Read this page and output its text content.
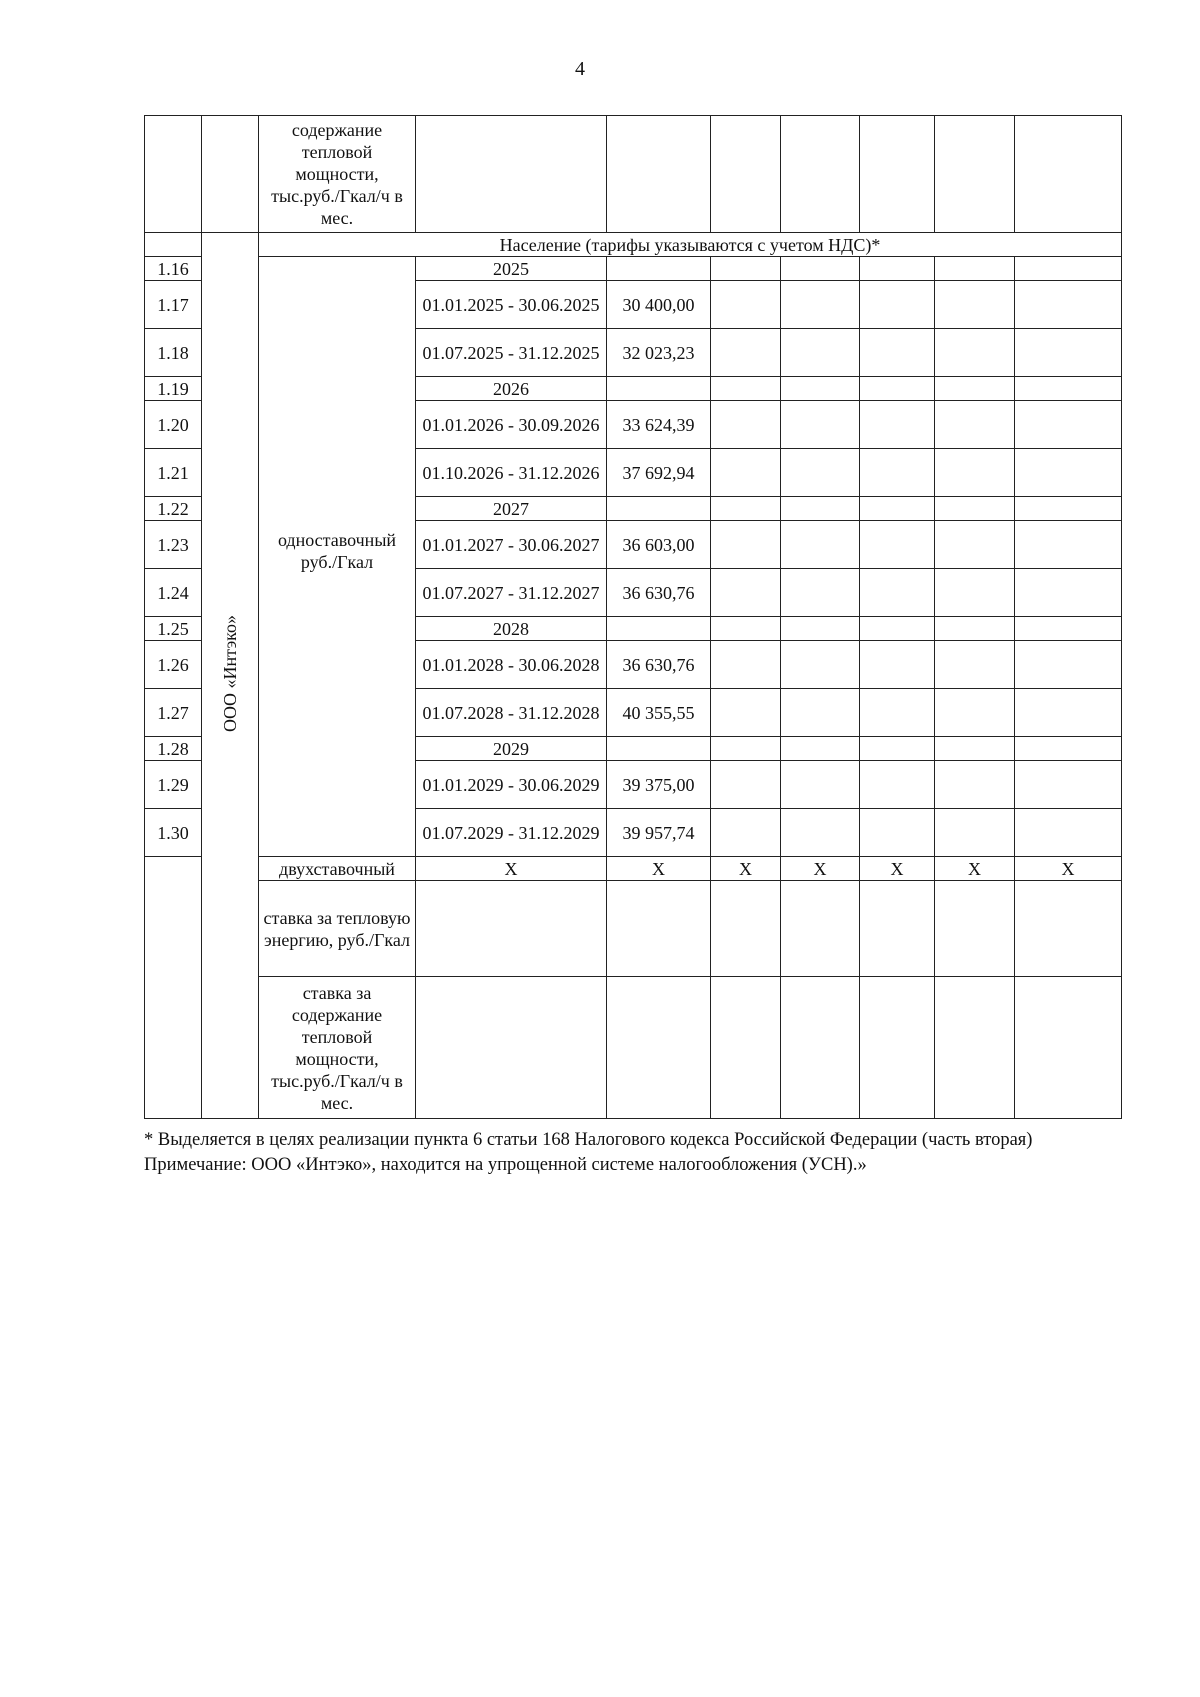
4
		содержание тепловой мощности, тыс.руб./Гкал/ч в мес.								
	ООО «Интэко»	Население (тарифы указываются с учетом НДС)*								
1.16		одноставочный руб./Гкал	2025							
1.17			01.01.2025 - 30.06.2025	30 400,00						
1.18			01.07.2025 - 31.12.2025	32 023,23						
1.19			2026							
1.20			01.01.2026 - 30.09.2026	33 624,39						
1.21			01.10.2026 - 31.12.2026	37 692,94						
1.22			2027							
1.23			01.01.2027 - 30.06.2027	36 603,00						
1.24			01.07.2027 - 31.12.2027	36 630,76						
1.25			2028							
1.26			01.01.2028 - 30.06.2028	36 630,76						
1.27			01.07.2028 - 31.12.2028	40 355,55						
1.28			2029							
1.29			01.01.2029 - 30.06.2029	39 375,00						
1.30			01.07.2029 - 31.12.2029	39 957,74						
		двухставочный	X	X	X	X	X	X	X	
		ставка за тепловую энергию, руб./Гкал								
		ставка за содержание тепловой мощности, тыс.руб./Гкал/ч в мес.								

* Выделяется в целях реализации пункта 6 статьи 168 Налогового кодекса Российской Федерации (часть вторая)

Примечание: ООО «Интэко», находится на упрощенной системе налогообложения (УСН).»
